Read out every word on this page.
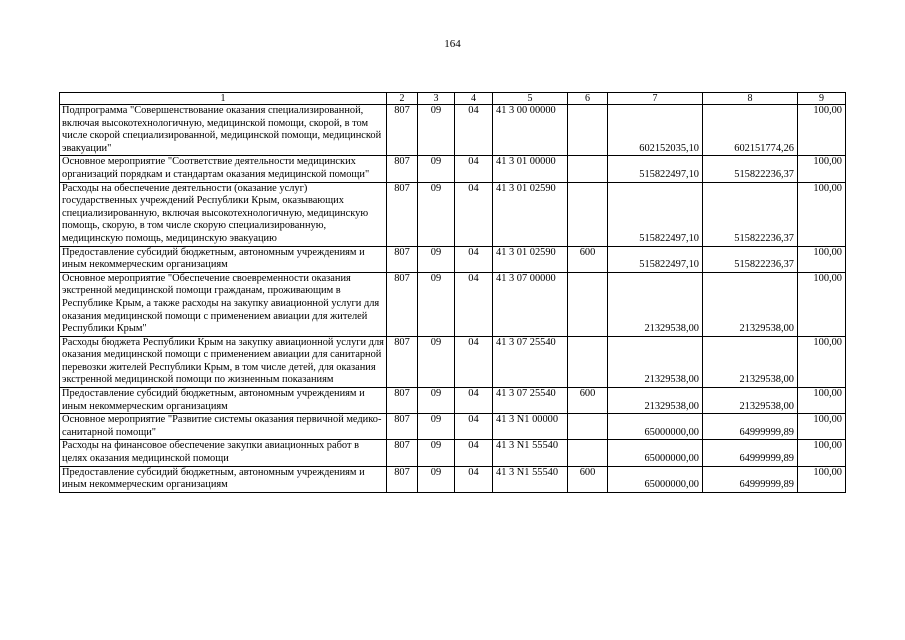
164
1	2	3	4	5	6	7	8	9
Подпрограмма "Совершенствование оказания специализированной, включая высокотехнологичную, медицинской помощи, скорой, в том числе скорой специализированной, медицинской помощи, медицинской эвакуации"	807	09	04	41 3 00 00000		602152035,10	602151774,26	100,00
Основное мероприятие "Соответствие деятельности медицинских организаций порядкам и стандартам оказания медицинской помощи"	807	09	04	41 3 01 00000		515822497,10	515822236,37	100,00
Расходы на обеспечение деятельности (оказание услуг) государственных учреждений Республики Крым, оказывающих специализированную, включая высокотехнологичную, медицинскую помощь, скорую, в том числе скорую специализированную, медицинскую помощь, медицинскую эвакуацию	807	09	04	41 3 01 02590		515822497,10	515822236,37	100,00
Предоставление субсидий бюджетным, автономным учреждениям и иным некоммерческим организациям	807	09	04	41 3 01 02590	600	515822497,10	515822236,37	100,00
Основное мероприятие "Обеспечение своевременности оказания экстренной медицинской помощи гражданам, проживающим в Республике Крым, а также расходы на закупку авиационной услуги для оказания медицинской помощи с применением авиации для жителей Республики Крым"	807	09	04	41 3 07 00000		21329538,00	21329538,00	100,00
Расходы бюджета Республики Крым на закупку авиационной услуги для оказания медицинской помощи с применением авиации для санитарной перевозки жителей Республики Крым, в том числе детей, для оказания экстренной медицинской помощи по жизненным показаниям	807	09	04	41 3 07 25540		21329538,00	21329538,00	100,00
Предоставление субсидий бюджетным, автономным учреждениям и иным некоммерческим организациям	807	09	04	41 3 07 25540	600	21329538,00	21329538,00	100,00
Основное мероприятие "Развитие системы оказания первичной медико-санитарной помощи"	807	09	04	41 3 N1 00000		65000000,00	64999999,89	100,00
Расходы на финансовое обеспечение закупки авиационных работ в целях оказания медицинской помощи	807	09	04	41 3 N1 55540		65000000,00	64999999,89	100,00
Предоставление субсидий бюджетным, автономным учреждениям и иным некоммерческим организациям	807	09	04	41 3 N1 55540	600	65000000,00	64999999,89	100,00
